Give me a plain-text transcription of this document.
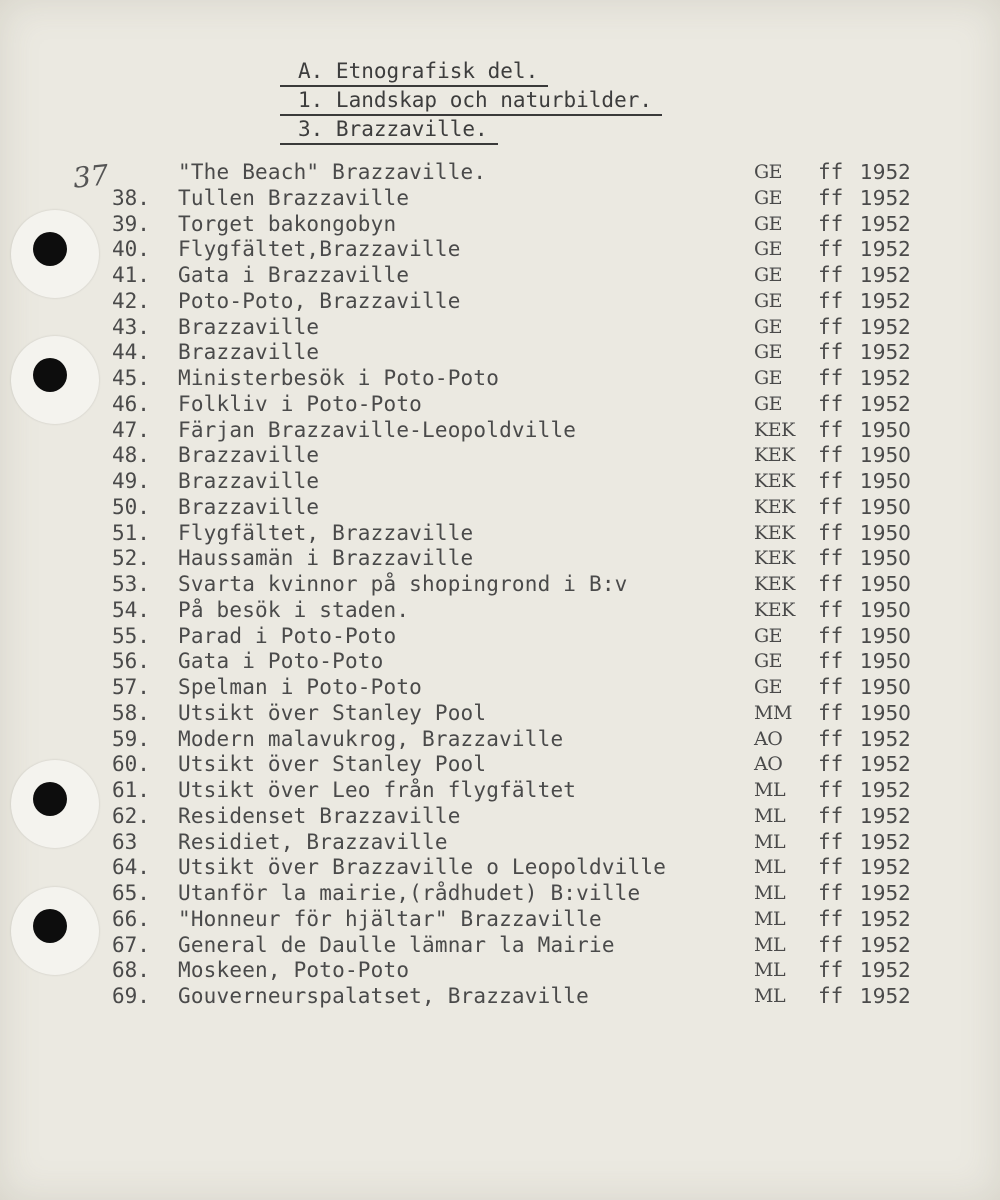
A. Etnografisk del.
1. Landskap och naturbilder.
3. Brazzaville.
37	"The Beach" Brazzaville.	GE	ff 1952
38.	Tullen Brazzaville	GE	ff 1952
39.	Torget bakongobyn	GE	ff 1952
40.	Flygfältet,Brazzaville	GE	ff 1952
41.	Gata i Brazzaville	GE	ff 1952
42.	Poto-Poto, Brazzaville	GE	ff 1952
43.	Brazzaville	GE	ff 1952
44.	Brazzaville	GE	ff 1952
45.	Ministerbesök i Poto-Poto	GE	ff 1952
46.	Folkliv i Poto-Poto	GE	ff 1952
47.	Färjan Brazzaville-Leopoldville	KEK	ff 1950
48.	Brazzaville	KEK	ff 1950
49.	Brazzaville	KEK	ff 1950
50.	Brazzaville	KEK	ff 1950
51.	Flygfältet, Brazzaville	KEK	ff 1950
52.	Haussamän i Brazzaville	KEK	ff 1950
53.	Svarta kvinnor på shopingrond i B:v	KEK	ff 1950
54.	På besök i staden.	KEK	ff 1950
55.	Parad i Poto-Poto	GE	ff 1950
56.	Gata i Poto-Poto	GE	ff 1950
57.	Spelman i Poto-Poto	GE	ff 1950
58.	Utsikt över Stanley Pool	MM	ff 1950
59.	Modern malavukrog, Brazzaville	AO	ff 1952
60.	Utsikt över Stanley Pool	AO	ff 1952
61.	Utsikt över Leo från flygfältet	ML	ff 1952
62.	Residenset Brazzaville	ML	ff 1952
63	Residiet, Brazzaville	ML	ff 1952
64.	Utsikt över Brazzaville o Leopoldville	ML	ff 1952
65.	Utanför la mairie,(rådhudet) B:ville	ML	ff 1952
66.	"Honneur för hjältar" Brazzaville	ML	ff 1952
67.	General de Daulle lämnar la Mairie	ML	ff 1952
68.	Moskeen, Poto-Poto	ML	ff 1952
69.	Gouverneurspalatset, Brazzaville	ML	ff 1952
